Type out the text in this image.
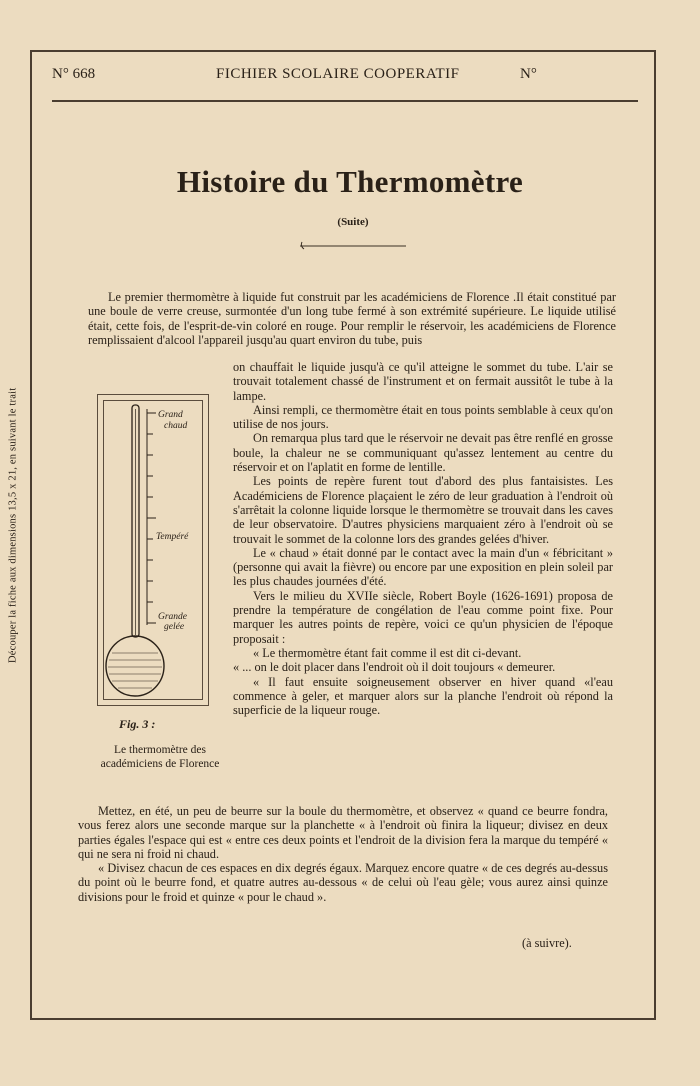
Découper la fiche aux dimensions 13,5 x 21, en suivant le trait
N° 668	FICHIER SCOLAIRE COOPERATIF	N°
Histoire du Thermomètre
(Suite)

Le premier thermomètre à liquide fut construit par les académiciens de Florence .Il était constitué par une boule de verre creuse, surmontée d'un long tube fermé à son extrémité supérieure. Le liquide utilisé était, cette fois, de l'esprit-de-vin coloré en rouge. Pour remplir le réservoir, les académiciens de Florence remplissaient d'alcool l'appareil jusqu'au quart environ du tube, puis

Grand
chaud
Tempéré
Grande
gelée
Fig. 3 :
Le thermomètre des académiciens de Florence

on chauffait le liquide jusqu'à ce qu'il atteigne le sommet du tube. L'air se trouvait totalement chassé de l'instrument et on fermait aussitôt le tube à la lampe.

Ainsi rempli, ce thermomètre était en tous points semblable à ceux qu'on utilise de nos jours.

On remarqua plus tard que le réservoir ne devait pas être renflé en grosse boule, la chaleur ne se communiquant qu'assez lentement au centre du réservoir et on l'aplatit en forme de lentille.

Les points de repère furent tout d'abord des plus fantaisistes. Les Académiciens de Florence plaçaient le zéro de leur graduation à l'endroit où s'arrêtait la colonne liquide lorsque le thermomètre se trouvait dans les caves de leur observatoire. D'autres physiciens marquaient zéro à l'endroit où se trouvait le sommet de la colonne lors des grandes gelées d'hiver.

Le « chaud » était donné par le contact avec la main d'un « fébricitant » (personne qui avait la fièvre) ou encore par une exposition en plein soleil par les plus chaudes journées d'été.

Vers le milieu du XVIIe siècle, Robert Boyle (1626-1691) proposa de prendre la température de congélation de l'eau comme point fixe. Pour marquer les autres points de repère, voici ce qu'un physicien de l'époque proposait :

« Le thermomètre étant fait comme il est dit ci-devant.

« ... on le doit placer dans l'endroit où il doit toujours « demeurer.

« Il faut ensuite soigneusement observer en hiver quand «l'eau commence à geler, et marquer alors sur la planche l'endroit où répond la superficie de la liqueur rouge.

Mettez, en été, un peu de beurre sur la boule du thermomètre, et observez « quand ce beurre fondra, vous ferez alors une seconde marque sur la planchette « à l'endroit où finira la liqueur; divisez en deux parties égales l'espace qui est « entre ces deux points et l'endroit de la division fera la marque du tempéré « qui ne sera ni froid ni chaud.

« Divisez chacun de ces espaces en dix degrés égaux. Marquez encore quatre « de ces degrés au-dessus du point où le beurre fond, et quatre autres au-dessous « de celui où l'eau gèle; vous aurez ainsi quinze divisions pour le froid et quinze « pour le chaud ».

(à suivre).
